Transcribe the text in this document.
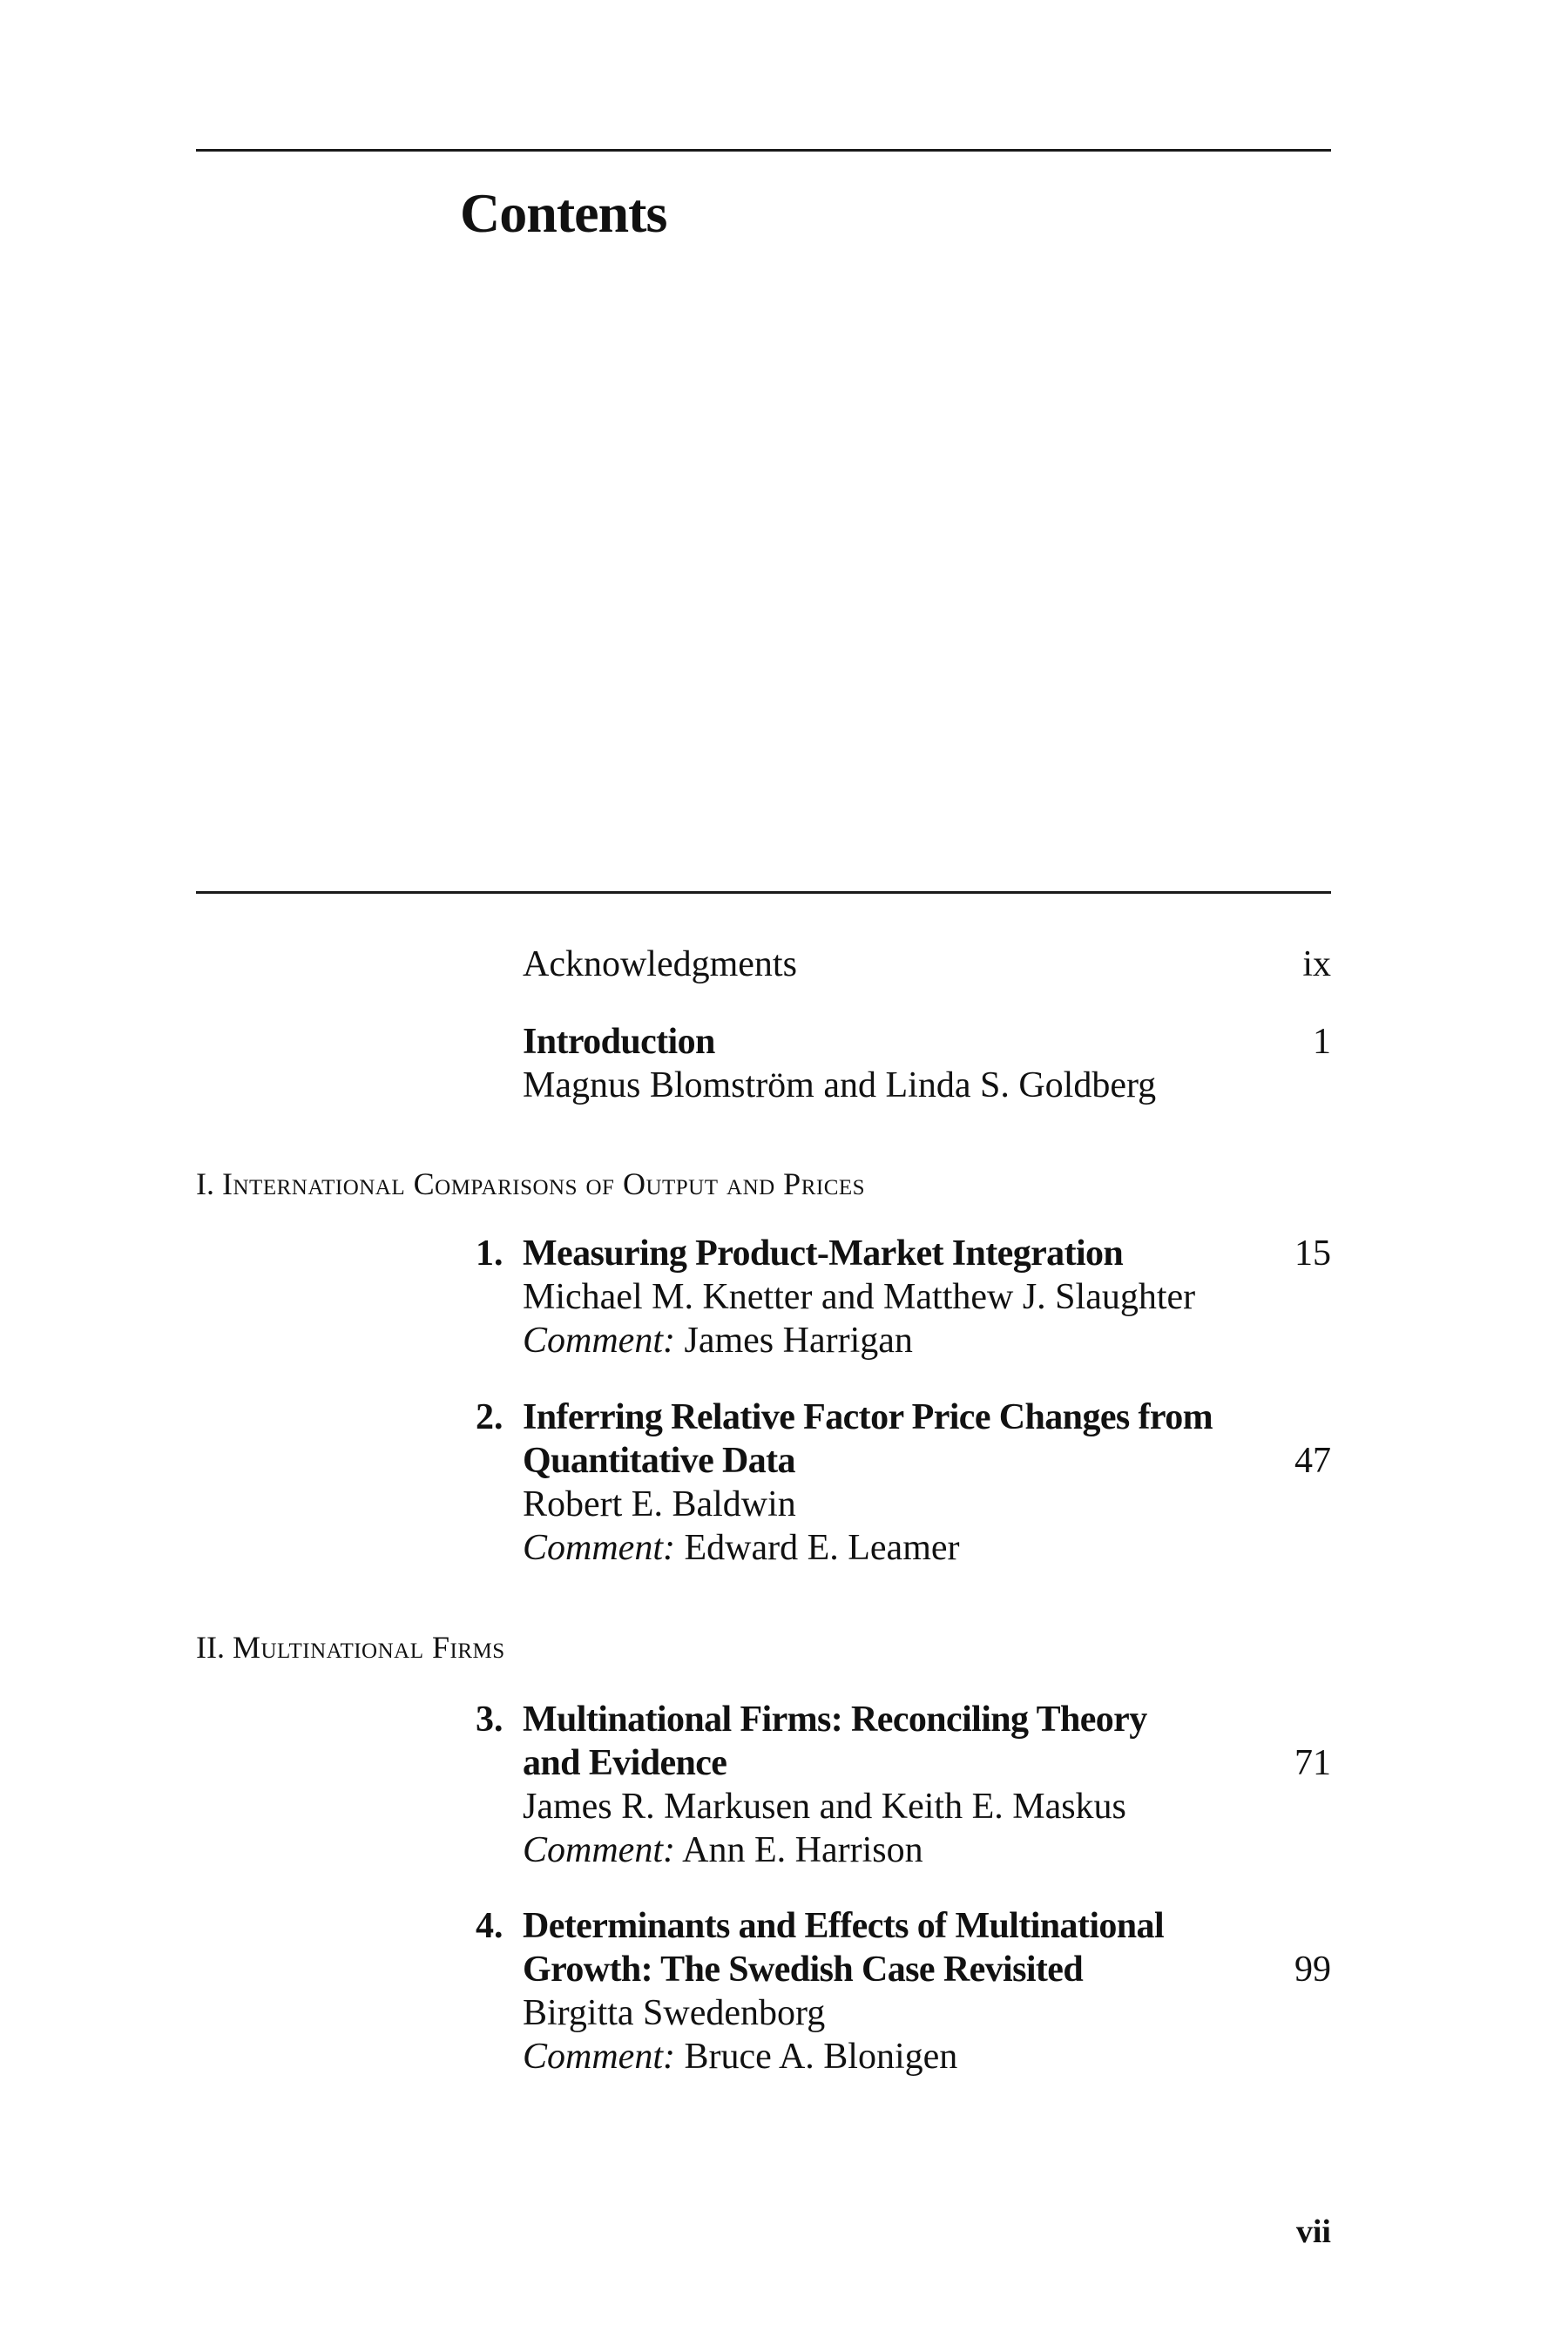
Contents
Acknowledgments	ix
Introduction	1
Magnus Blomström and Linda S. Goldberg
I. International Comparisons of Output and Prices
1. Measuring Product-Market Integration	15
Michael M. Knetter and Matthew J. Slaughter
Comment: James Harrigan
2. Inferring Relative Factor Price Changes from
Quantitative Data	47
Robert E. Baldwin
Comment: Edward E. Leamer
II. Multinational Firms
3. Multinational Firms: Reconciling Theory
and Evidence	71
James R. Markusen and Keith E. Maskus
Comment: Ann E. Harrison
4. Determinants and Effects of Multinational
Growth: The Swedish Case Revisited	99
Birgitta Swedenborg
Comment: Bruce A. Blonigen
vii
